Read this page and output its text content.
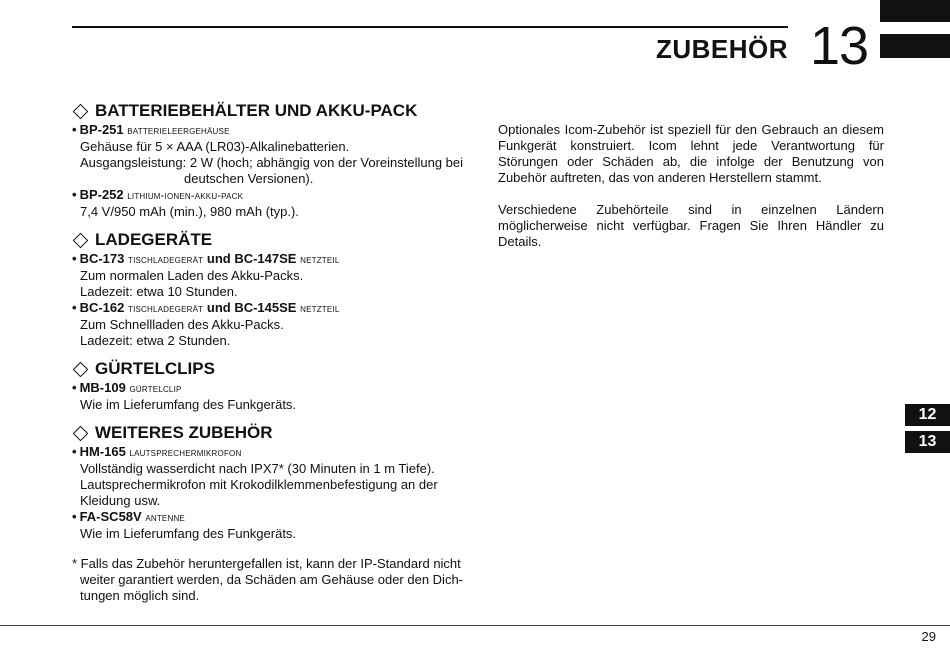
ZUBEHÖR 13
12
13
BATTERIEBEHÄLTER UND AKKU-PACK
• BP-251 batterieleergehäuse
Gehäuse für 5 × AAA (LR03)-Alkalinebatterien.
Ausgangsleistung: 2 W (hoch; abhängig von der Voreinstellung bei
deutschen Versionen).
• BP-252 lithium-ionen-akku-pack
7,4 V/950 mAh (min.), 980 mAh (typ.).
LADEGERÄTE
• BC-173 tischladegerät und BC-147SE netzteil
Zum normalen Laden des Akku-Packs.
Ladezeit: etwa 10 Stunden.
• BC-162 tischladegerät und BC-145SE netzteil
Zum Schnellladen des Akku-Packs.
Ladezeit: etwa 2 Stunden.
GÜRTELCLIPS
• MB-109 gürtelclip
Wie im Lieferumfang des Funkgeräts.
WEITERES ZUBEHÖR
• HM-165 lautsprechermikrofon
Vollständig wasserdicht nach IPX7* (30 Minuten in 1 m Tiefe).
Lautsprechermikrofon mit Krokodilklemmenbefestigung an der
Kleidung usw.
• FA-SC58V antenne
Wie im Lieferumfang des Funkgeräts.
* Falls das Zubehör heruntergefallen ist, kann der IP-Standard nicht
weiter garantiert werden, da Schäden am Gehäuse oder den Dich-
tungen möglich sind.
Optionales Icom-Zubehör ist speziell für den Gebrauch an diesem Funkgerät konstruiert. Icom lehnt jede Verantwortung für Störungen oder Schäden ab, die infolge der Benutzung von Zubehör auftreten, das von anderen Herstellern stammt.
Verschiedene Zubehörteile sind in einzelnen Ländern möglicherweise nicht verfügbar. Fragen Sie Ihren Händler zu Details.
29
